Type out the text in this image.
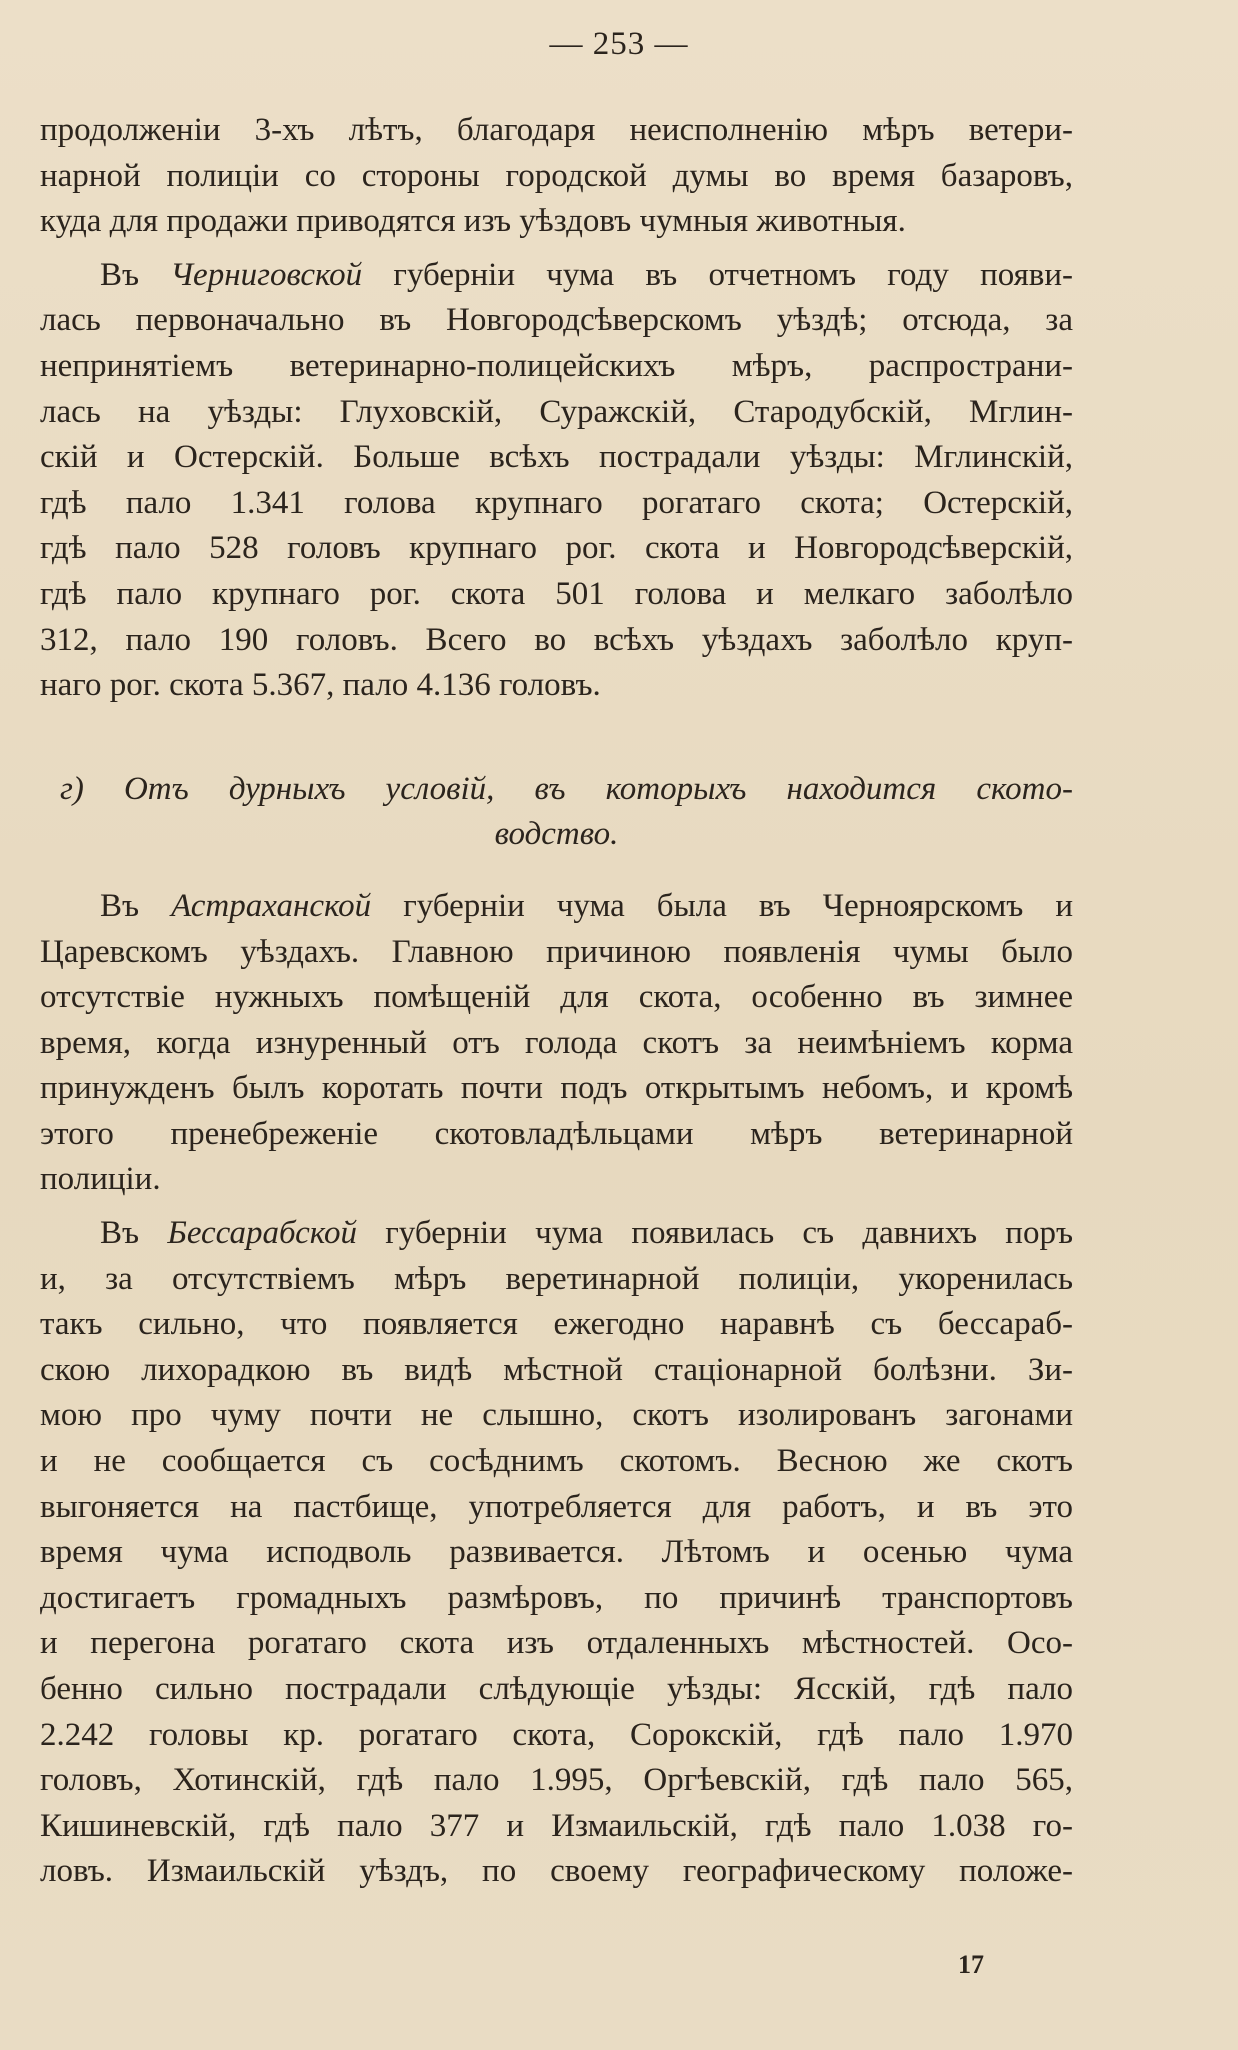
— 253 —
продолженіи 3-хъ лѣтъ, благодаря неисполненію мѣръ ветери-
нарной полиціи со стороны городской думы во время базаровъ,
куда для продажи приводятся изъ уѣздовъ чумныя животныя.
Въ Черниговской губерніи чума въ отчетномъ году появи-
лась первоначально въ Новгородсѣверскомъ уѣздѣ; отсюда, за
непринятіемъ ветеринарно-полицейскихъ мѣръ, распространи-
лась на уѣзды: Глуховскій, Суражскій, Стародубскій, Мглин-
скій и Остерскій. Больше всѣхъ пострадали уѣзды: Мглинскій,
гдѣ пало 1.341 голова крупнаго рогатаго скота; Остерскій,
гдѣ пало 528 головъ крупнаго рог. скота и Новгородсѣверскій,
гдѣ пало крупнаго рог. скота 501 голова и мелкаго заболѣло
312, пало 190 головъ. Всего во всѣхъ уѣздахъ заболѣло круп-
наго рог. скота 5.367, пало 4.136 головъ.
г) Отъ дурныхъ условій, въ которыхъ находится ското-
водство.
Въ Астраханской губерніи чума была въ Черноярскомъ и
Царевскомъ уѣздахъ. Главною причиною появленія чумы было
отсутствіе нужныхъ помѣщеній для скота, особенно въ зимнее
время, когда изнуренный отъ голода скотъ за неимѣніемъ корма
принужденъ былъ коротать почти подъ открытымъ небомъ, и кромѣ
этого пренебреженіе скотовладѣльцами мѣръ ветеринарной
полиціи.
Въ Бессарабской губерніи чума появилась съ давнихъ поръ
и, за отсутствіемъ мѣръ веретинарной полиціи, укоренилась
такъ сильно, что появляется ежегодно наравнѣ съ бессараб-
скою лихорадкою въ видѣ мѣстной стаціонарной болѣзни. Зи-
мою про чуму почти не слышно, скотъ изолированъ загонами
и не сообщается съ сосѣднимъ скотомъ. Весною же скотъ
выгоняется на пастбище, употребляется для работъ, и въ это
время чума исподволь развивается. Лѣтомъ и осенью чума
достигаетъ громадныхъ размѣровъ, по причинѣ транспортовъ
и перегона рогатаго скота изъ отдаленныхъ мѣстностей. Осо-
бенно сильно пострадали слѣдующіе уѣзды: Ясскій, гдѣ пало
2.242 головы кр. рогатаго скота, Сорокскій, гдѣ пало 1.970
головъ, Хотинскій, гдѣ пало 1.995, Оргѣевскій, гдѣ пало 565,
Кишиневскій, гдѣ пало 377 и Измаильскій, гдѣ пало 1.038 го-
ловъ. Измаильскій уѣздъ, по своему географическому положе-
17
